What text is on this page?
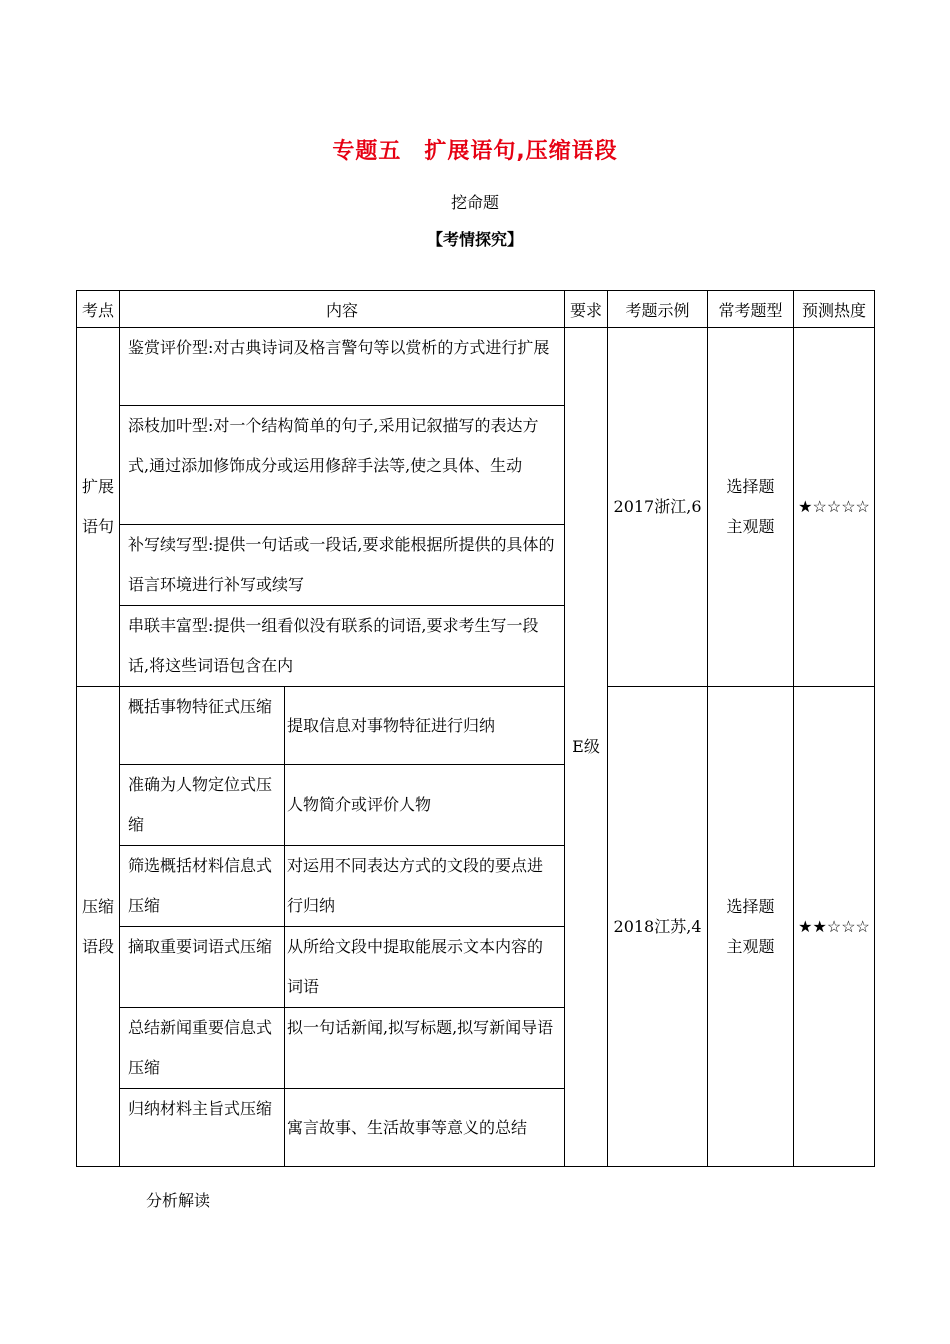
专题五　扩展语句,压缩语段
挖命题
【考情探究】
考点	内容		要求	考题示例	常考题型	预测热度
扩展语句	鉴赏评价型:对古典诗词及格言警句等以赏析的方式进行扩展		E级	2017浙江,6	选择题主观题	★☆☆☆☆
	添枝加叶型:对一个结构简单的句子,采用记叙描写的表达方式,通过添加修饰成分或运用修辞手法等,使之具体、生动					
	补写续写型:提供一句话或一段话,要求能根据所提供的具体的语言环境进行补写或续写					
	串联丰富型:提供一组看似没有联系的词语,要求考生写一段话,将这些词语包含在内					
压缩语段	概括事物特征式压缩	提取信息对事物特征进行归纳		2018江苏,4	选择题主观题	★★☆☆☆
	准确为人物定位式压缩	人物简介或评价人物				
	筛选概括材料信息式压缩	对运用不同表达方式的文段的要点进行归纳				
	摘取重要词语式压缩	从所给文段中提取能展示文本内容的词语				
	总结新闻重要信息式压缩	拟一句话新闻,拟写标题,拟写新闻导语				
	归纳材料主旨式压缩	寓言故事、生活故事等意义的总结				
分析解读
